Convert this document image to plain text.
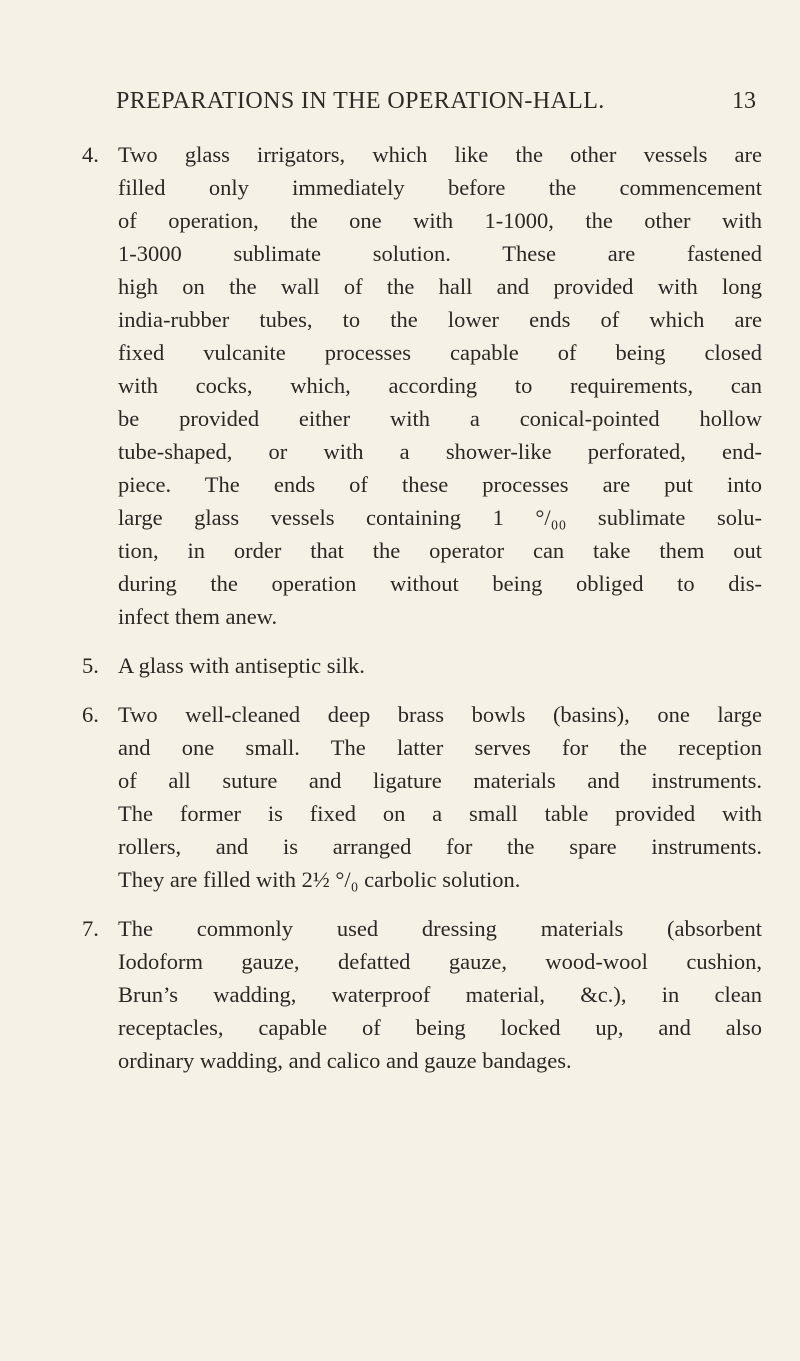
PREPARATIONS IN THE OPERATION-HALL.	13
4. Two glass irrigators, which like the other vessels are
filled only immediately before the commencement
of operation, the one with 1-1000, the other with
1-3000 sublimate solution. These are fastened
high on the wall of the hall and provided with long
india-rubber tubes, to the lower ends of which are
fixed vulcanite processes capable of being closed
with cocks, which, according to requirements, can
be provided either with a conical-pointed hollow
tube-shaped, or with a shower-like perforated, end-
piece. The ends of these processes are put into
large glass vessels containing 1 °/₀₀ sublimate solu-
tion, in order that the operator can take them out
during the operation without being obliged to dis-
infect them anew.
5. A glass with antiseptic silk.
6. Two well-cleaned deep brass bowls (basins), one large
and one small. The latter serves for the reception
of all suture and ligature materials and instruments.
The former is fixed on a small table provided with
rollers, and is arranged for the spare instruments.
They are filled with 2½ °/₀ carbolic solution.
7. The commonly used dressing materials (absorbent
Iodoform gauze, defatted gauze, wood-wool cushion,
Brun’s wadding, waterproof material, &c.), in clean
receptacles, capable of being locked up, and also
ordinary wadding, and calico and gauze bandages.
